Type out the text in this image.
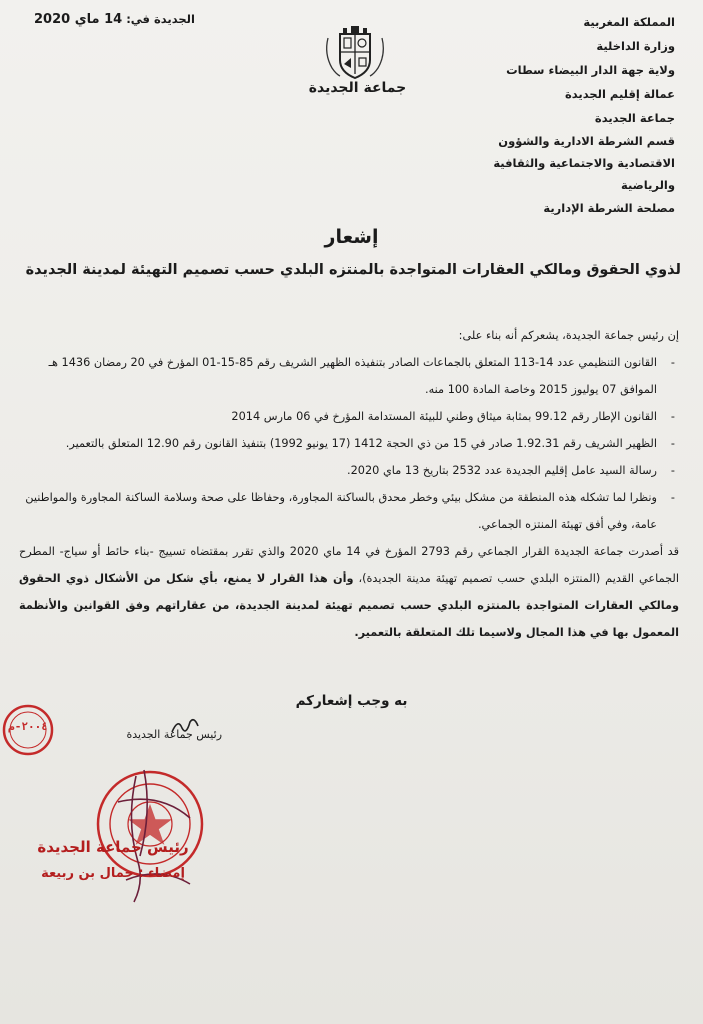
المملكة المغربية
وزارة الداخلية
ولاية جهة الدار البيضاء سطات
عمالة إقليم الجديدة
جماعة الجديدة
قسم الشرطة الادارية والشؤون الاقتصادية والاجتماعية والثقافية والرياضية
مصلحة الشرطة الإدارية
الجديدة في: 14 ماي 2020
جماعة الجديدة
إشعار
لذوي الحقوق ومالكي العقارات المتواجدة بالمنتزه البلدي حسب تصميم التهيئة لمدينة الجديدة

إن رئيس جماعة الجديدة، يشعركم أنه بناء على:

- القانون التنظيمي عدد 14-113 المتعلق بالجماعات الصادر بتنفيذه الظهير الشريف رقم 85-15-01 المؤرخ في 20 رمضان 1436 هـ الموافق 07 يوليوز 2015 وخاصة المادة 100 منه.
- القانون الإطار رقم 99.12 بمثابة ميثاق وطني للبيئة المستدامة المؤرخ في 06 مارس 2014
- الظهير الشريف رقم 1.92.31 صادر في 15 من ذي الحجة 1412 (17 يونيو 1992) بتنفيذ القانون رقم 12.90 المتعلق بالتعمير.
- رسالة السيد عامل إقليم الجديدة عدد 2532 بتاريخ 13 ماي 2020.
- ونظرا لما تشكله هذه المنطقة من مشكل بيئي وخطر محدق بالساكنة المجاورة، وحفاظا على صحة وسلامة الساكنة المجاورة والمواطنين عامة، وفي أفق تهيئة المنتزه الجماعي.

قد أصدرت جماعة الجديدة القرار الجماعي رقم 2793 المؤرخ في 14 ماي 2020 والذي تقرر بمقتضاه تسييج -بناء حائط أو سياج- المطرح الجماعي القديم (المنتزه البلدي حسب تصميم تهيئة مدينة الجديدة)، وأن هذا القرار لا يمنع، بأي شكل من الأشكال ذوي الحقوق ومالكي العقارات المتواجدة بالمنتزه البلدي حسب تصميم تهيئة لمدينة الجديدة، من عقاراتهم وفق القوانين والأنظمة المعمول بها في هذا المجال ولاسيما تلك المتعلقة بالتعمير.

به وجب إشعاركم
رئيس جماعة الجديدة
٢٠٠٤-م
رئيس جماعة الجديدة
إمضاء : جمال بن ربيعة
